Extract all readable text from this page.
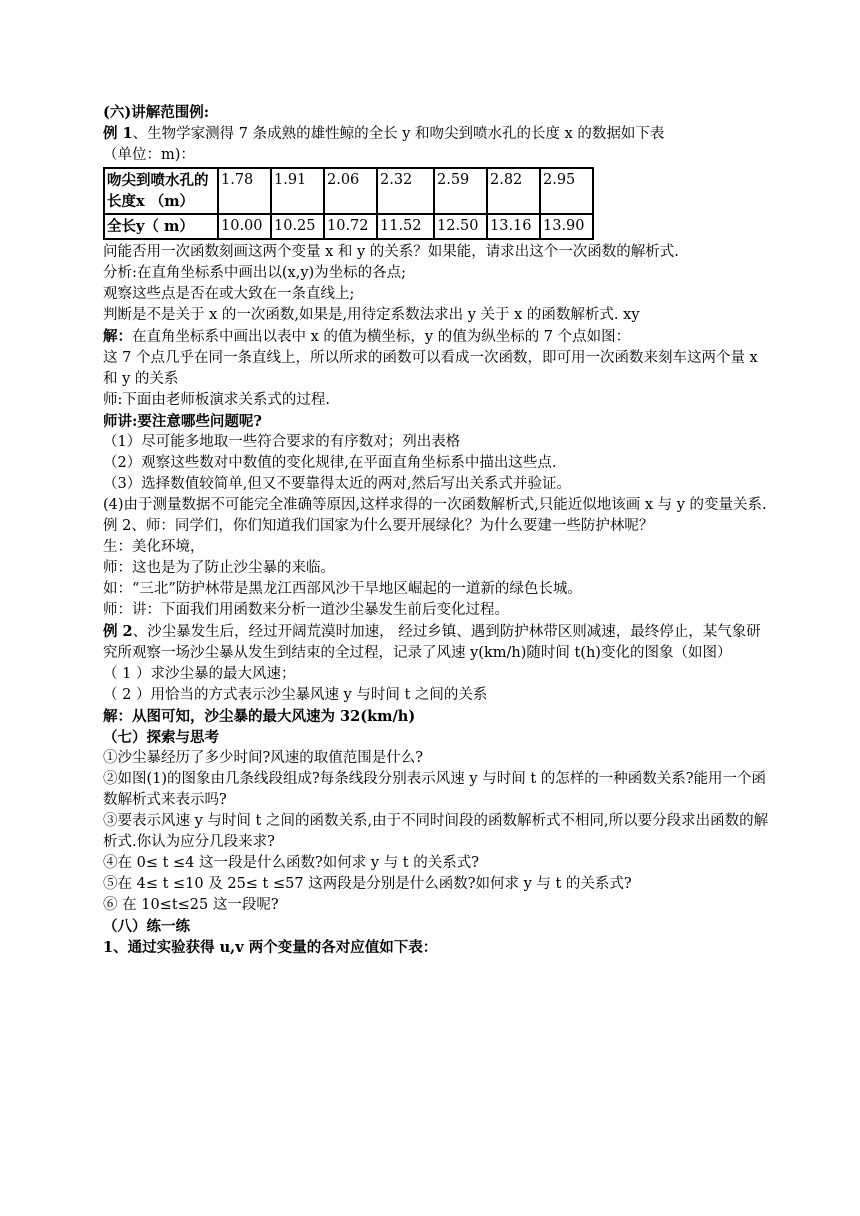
(六)讲解范围例:
例 1、生物学家测得 7 条成熟的雄性鲸的全长 y 和吻尖到喷水孔的长度 x 的数据如下表
（单位：m)：
吻尖到喷水孔的长度x （m）	1.78	1.91	2.06	2.32	2.59	2.82	2.95
全长y（ m）	10.00	10.25	10.72	11.52	12.50	13.16	13.90
问能否用一次函数刻画这两个变量 x 和 y 的关系？如果能，请求出这个一次函数的解析式.
分析:在直角坐标系中画出以(x,y)为坐标的各点;
观察这些点是否在或大致在一条直线上;
判断是不是关于 x 的一次函数,如果是,用待定系数法求出 y 关于 x 的函数解析式. xy
解：在直角坐标系中画出以表中 x 的值为横坐标，y 的值为纵坐标的 7 个点如图：
这 7 个点几乎在同一条直线上，所以所求的函数可以看成一次函数，即可用一次函数来刻车这两个量 x 和 y 的关系
师:下面由老师板演求关系式的过程.
师讲:要注意哪些问题呢?
（1）尽可能多地取一些符合要求的有序数对；列出表格
（2）观察这些数对中数值的变化规律,在平面直角坐标系中描出这些点.
（3）选择数值较简单,但又不要靠得太近的两对,然后写出关系式并验证。
(4)由于测量数据不可能完全准确等原因,这样求得的一次函数解析式,只能近似地该画 x 与 y 的变量关系.
例 2、师：同学们，你们知道我们国家为什么要开展绿化？为什么要建一些防护林呢？
生：美化环境，
师：这也是为了防止沙尘暴的来临。
如：“三北”防护林带是黑龙江西部风沙干旱地区崛起的一道新的绿色长城。
师：讲：下面我们用函数来分析一道沙尘暴发生前后变化过程。
例 2、沙尘暴发生后，经过开阔荒漠时加速， 经过乡镇、遇到防护林带区则减速，最终停止，某气象研究所观察一场沙尘暴从发生到结束的全过程，记录了风速 y(km/h)随时间 t(h)变化的图象（如图）
（ 1 ）求沙尘暴的最大风速；
（ 2 ）用恰当的方式表示沙尘暴风速 y 与时间 t 之间的关系
解：从图可知，沙尘暴的最大风速为 32(km/h)
（七）探索与思考
①沙尘暴经历了多少时间?风速的取值范围是什么?
②如图(1)的图象由几条线段组成?每条线段分别表示风速 y 与时间 t 的怎样的一种函数关系?能用一个函数解析式来表示吗?
③要表示风速 y 与时间 t 之间的函数关系,由于不同时间段的函数解析式不相同,所以要分段求出函数的解析式.你认为应分几段来求?
④在 0≤ t ≤4 这一段是什么函数?如何求 y 与 t 的关系式?
⑤在 4≤ t ≤10 及 25≤ t ≤57 这两段是分别是什么函数?如何求 y 与 t 的关系式?
⑥ 在 10≤t≤25 这一段呢?
（八）练一练
1、通过实验获得 u,v 两个变量的各对应值如下表：
